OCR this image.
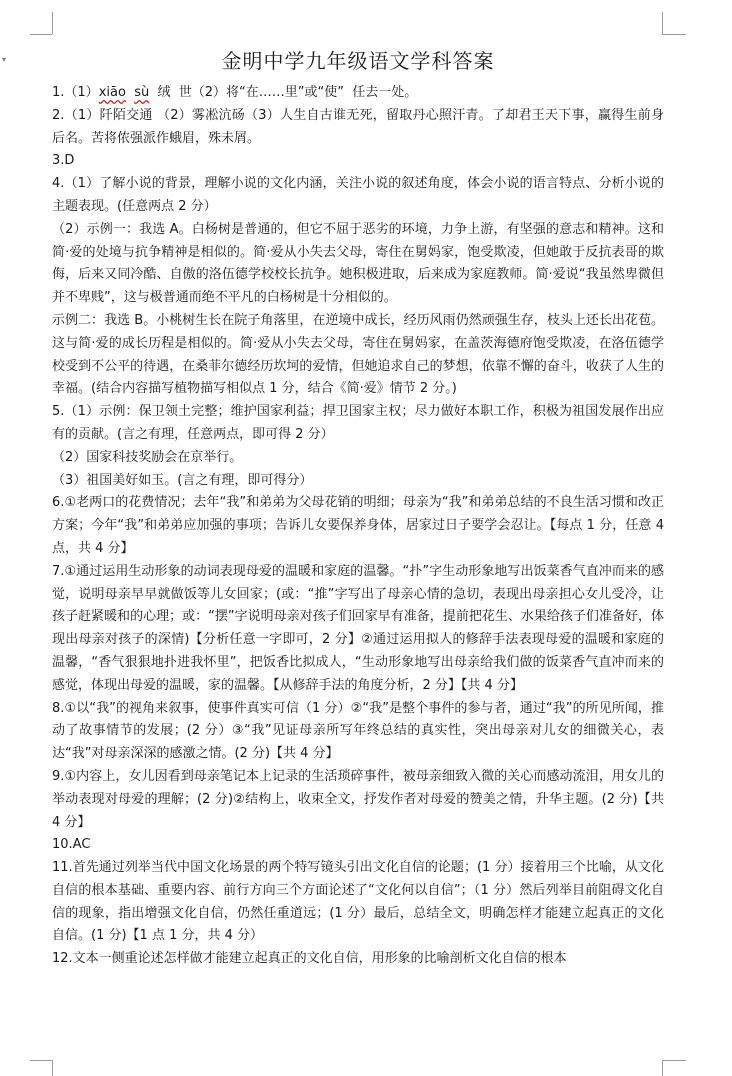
▾	金明中学九年级语文学科答案

1.（1）xiāo sù  绒  世（2）将“在……里”或“使”  任去一处。

2.（1）阡陌交通 （2）雾凇沆砀（3）人生自古谁无死，留取丹心照汗青。了却君王天下事，赢得生前身后名。苦将侬强派作蛾眉，殊未屑。

3.D

4.（1）了解小说的背景，理解小说的文化内涵，关注小说的叙述角度，体会小说的语言特点、分析小说的主题表现。(任意两点 2 分）

（2）示例一：我选 A。白杨树是普通的，但它不屈于恶劣的环境，力争上游，有坚强的意志和精神。这和简·爱的处境与抗争精神是相似的。简·爱从小失去父母，寄住在舅妈家，饱受欺凌，但她敢于反抗表哥的欺侮，后来又同冷酷、自傲的洛伍德学校校长抗争。她积极进取，后来成为家庭教师。简·爱说“我虽然卑微但并不卑贱”，这与极普通而绝不平凡的白杨树是十分相似的。

示例二：我选 B。小桃树生长在院子角落里，在逆境中成长，经历风雨仍然顽强生存，枝头上还长出花苞。这与简·爱的成长历程是相似的。简·爱从小失去父母，寄住在舅妈家，在盖茨海德府饱受欺凌，在洛伍德学校受到不公平的待遇，在桑菲尔德经历坎坷的爱情，但她追求自己的梦想，依靠不懈的奋斗，收获了人生的幸福。(结合内容描写植物描写相似点 1 分，结合《简·爱》情节 2 分。)

5.（1）示例：保卫领土完整；维护国家利益；捍卫国家主权；尽力做好本职工作，积极为祖国发展作出应有的贡献。(言之有理，任意两点，即可得 2 分）

（2）国家科技奖励会在京举行。

（3）祖国美好如玉。(言之有理，即可得分）

6.①老两口的花费情况；去年“我”和弟弟为父母花销的明细；母亲为“我”和弟弟总结的不良生活习惯和改正方案；今年“我”和弟弟应加强的事项；告诉儿女要保养身体，居家过日子要学会忍让。【每点 1 分，任意 4 点，共 4 分】

7.①通过运用生动形象的动词表现母爱的温暖和家庭的温馨。“扑”字生动形象地写出饭菜香气直冲而来的感觉，说明母亲早早就做饭等儿女回家；(或：“推”字写出了母亲心情的急切，表现出母亲担心女儿受冷，让孩子赶紧暖和的心理；或：“摆”字说明母亲对孩子们回家早有准备，提前把花生、水果给孩子们准备好，体现出母亲对孩子的深情)【分析任意一字即可，2 分】②通过运用拟人的修辞手法表现母爱的温暖和家庭的温馨，“香气狠狠地扑进我怀里”，把饭香比拟成人，“生动形象地写出母亲给我们做的饭菜香气直冲而来的感觉，体现出母爱的温暖，家的温馨。【从修辞手法的角度分析，2 分】【共 4 分】

8.①以“我”的视角来叙事，使事件真实可信（1 分）②“我”是整个事件的参与者，通过“我”的所见所闻，推动了故事情节的发展；(2 分）③“我”见证母亲所写年终总结的真实性，突出母亲对儿女的细微关心，表达“我”对母亲深深的感激之情。(2 分)【共 4 分】

9.①内容上，女儿因看到母亲笔记本上记录的生活琐碎事件，被母亲细致入微的关心而感动流泪，用女儿的举动表现对母爱的理解；(2 分)②结构上，收束全文，抒发作者对母爱的赞美之情，升华主题。(2 分)【共 4 分】

10.AC

11.首先通过列举当代中国文化场景的两个特写镜头引出文化自信的论题；(1 分）接着用三个比喻，从文化自信的根本基础、重要内容、前行方向三个方面论述了“文化何以自信”；（1 分）然后列举目前阻碍文化自信的现象，指出增强文化自信，仍然任重道远；(1 分）最后，总结全文，明确怎样才能建立起真正的文化自信。(1 分)【1 点 1 分，共 4 分）

12.文本一侧重论述怎样做才能建立起真正的文化自信，用形象的比喻剖析文化自信的根本
